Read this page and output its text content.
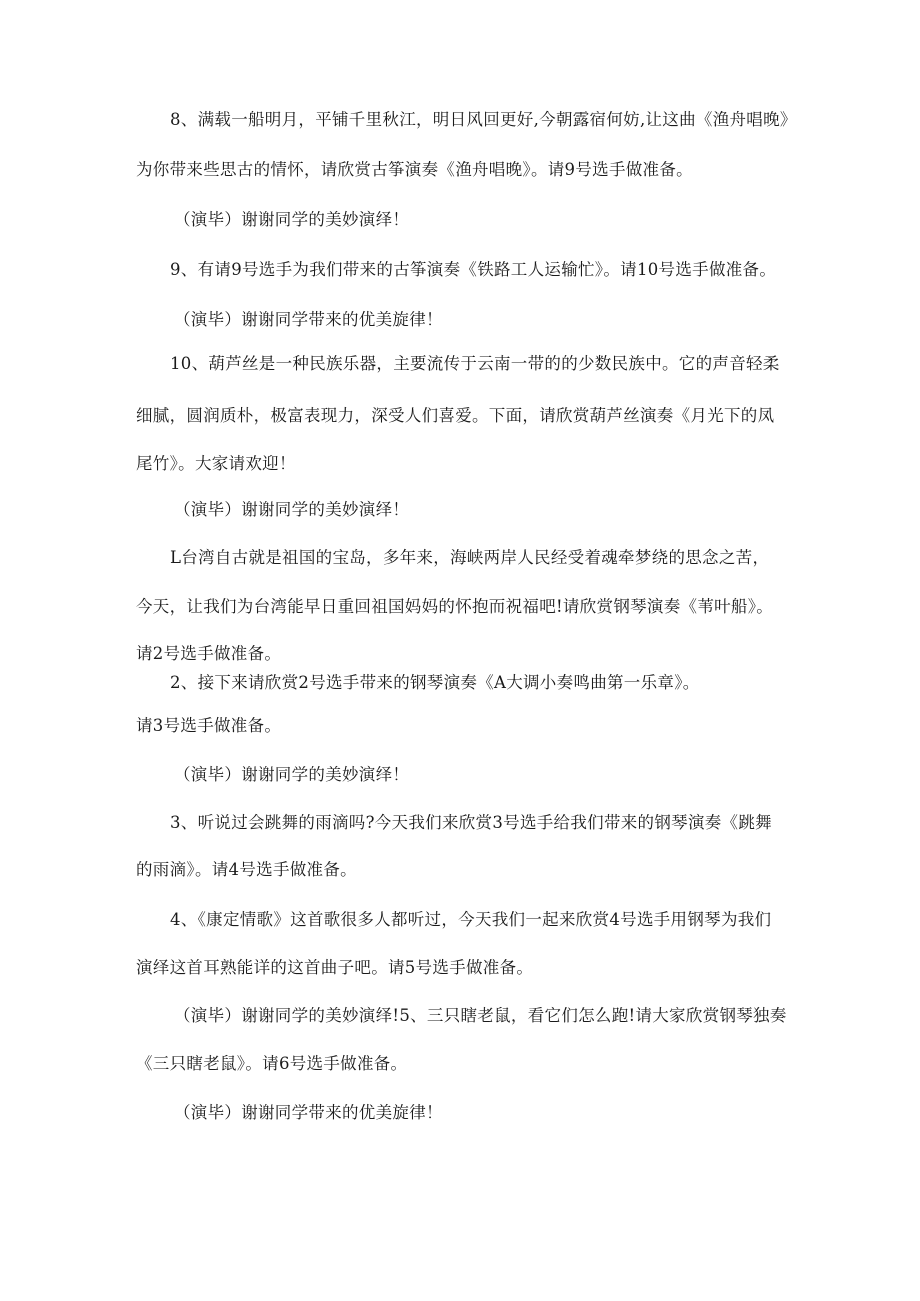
8、满载一船明月，平铺千里秋江，明日风回更好,今朝露宿何妨,让这曲《渔舟唱晚》
为你带来些思古的情怀，请欣赏古筝演奏《渔舟唱晚》。请9号选手做准备。
（演毕）谢谢同学的美妙演绎！
9、有请9号选手为我们带来的古筝演奏《铁路工人运输忙》。请10号选手做准备。
（演毕）谢谢同学带来的优美旋律！
10、葫芦丝是一种民族乐器，主要流传于云南一带的的少数民族中。它的声音轻柔
细腻，圆润质朴，极富表现力，深受人们喜爱。下面，请欣赏葫芦丝演奏《月光下的凤
尾竹》。大家请欢迎！
（演毕）谢谢同学的美妙演绎！
L台湾自古就是祖国的宝岛，多年来，海峡两岸人民经受着魂牵梦绕的思念之苦，
今天，让我们为台湾能早日重回祖国妈妈的怀抱而祝福吧!请欣赏钢琴演奏《苇叶船》。
请2号选手做准备。
2、接下来请欣赏2号选手带来的钢琴演奏《A大调小奏鸣曲第一乐章》。
请3号选手做准备。
（演毕）谢谢同学的美妙演绎！
3、听说过会跳舞的雨滴吗?今天我们来欣赏3号选手给我们带来的钢琴演奏《跳舞
的雨滴》。请4号选手做准备。
4、《康定情歌》这首歌很多人都听过，今天我们一起来欣赏4号选手用钢琴为我们
演绎这首耳熟能详的这首曲子吧。请5号选手做准备。
（演毕）谢谢同学的美妙演绎!5、三只瞎老鼠，看它们怎么跑!请大家欣赏钢琴独奏
《三只瞎老鼠》。请6号选手做准备。
（演毕）谢谢同学带来的优美旋律！
